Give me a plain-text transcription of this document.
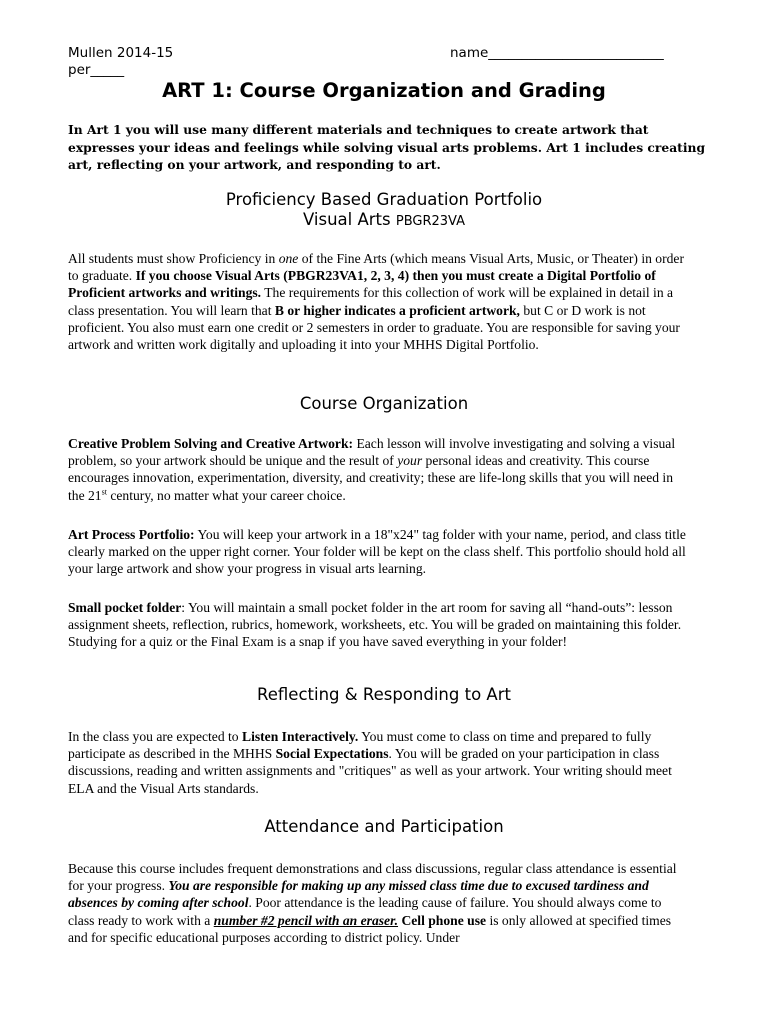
Mullen 2014-15	name__________________________
per_____
ART 1: Course Organization and Grading
In Art 1 you will use many different materials and techniques to create artwork that expresses your ideas and feelings while solving visual arts problems. Art 1 includes creating art, reflecting on your artwork, and responding to art.
Proficiency Based Graduation Portfolio
Visual Arts PBGR23VA
All students must show Proficiency in one of the Fine Arts (which means Visual Arts, Music, or Theater) in order to graduate. If you choose Visual Arts (PBGR23VA1, 2, 3, 4) then you must create a Digital Portfolio of Proficient artworks and writings. The requirements for this collection of work will be explained in detail in a class presentation. You will learn that B or higher indicates a proficient artwork, but C or D work is not proficient. You also must earn one credit or 2 semesters in order to graduate. You are responsible for saving your artwork and written work digitally and uploading it into your MHHS Digital Portfolio.
Course Organization
Creative Problem Solving and Creative Artwork: Each lesson will involve investigating and solving a visual problem, so your artwork should be unique and the result of your personal ideas and creativity. This course encourages innovation, experimentation, diversity, and creativity; these are life-long skills that you will need in the 21st century, no matter what your career choice.
Art Process Portfolio: You will keep your artwork in a 18"x24" tag folder with your name, period, and class title clearly marked on the upper right corner. Your folder will be kept on the class shelf. This portfolio should hold all your large artwork and show your progress in visual arts learning.
Small pocket folder: You will maintain a small pocket folder in the art room for saving all “hand-outs”: lesson assignment sheets, reflection, rubrics, homework, worksheets, etc. You will be graded on maintaining this folder. Studying for a quiz or the Final Exam is a snap if you have saved everything in your folder!
Reflecting & Responding to Art
In the class you are expected to Listen Interactively. You must come to class on time and prepared to fully participate as described in the MHHS Social Expectations. You will be graded on your participation in class discussions, reading and written assignments and "critiques" as well as your artwork. Your writing should meet ELA and the Visual Arts standards.
Attendance and Participation
Because this course includes frequent demonstrations and class discussions, regular class attendance is essential for your progress. You are responsible for making up any missed class time due to excused tardiness and absences by coming after school. Poor attendance is the leading cause of failure. You should always come to class ready to work with a number #2 pencil with an eraser. Cell phone use is only allowed at specified times and for specific educational purposes according to district policy. Under
